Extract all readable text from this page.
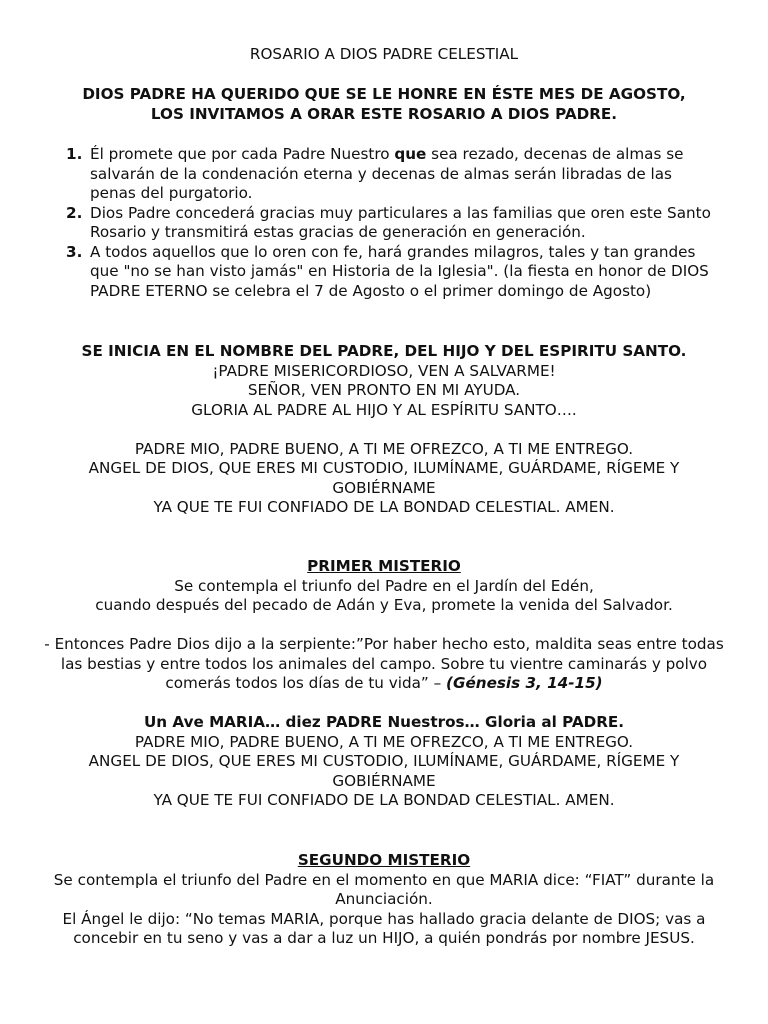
ROSARIO A DIOS PADRE CELESTIAL

DIOS PADRE HA QUERIDO QUE SE LE HONRE EN ÉSTE MES DE AGOSTO,

LOS INVITAMOS A ORAR ESTE ROSARIO A DIOS PADRE.

1. Él promete que por cada Padre Nuestro que sea rezado, decenas de almas se salvarán de la condenación eterna y decenas de almas serán libradas de las penas del purgatorio.
2. Dios Padre concederá gracias muy particulares a las familias que oren este Santo Rosario y transmitirá estas gracias de generación en generación.
3. A todos aquellos que lo oren con fe, hará grandes milagros, tales y tan grandes que "no se han visto jamás" en Historia de la Iglesia". (la fiesta en honor de DIOS PADRE ETERNO se celebra el 7 de Agosto o el primer domingo de Agosto)

SE INICIA EN EL NOMBRE DEL PADRE, DEL HIJO Y DEL ESPIRITU SANTO.

¡PADRE MISERICORDIOSO, VEN A SALVARME!

SEÑOR, VEN PRONTO EN MI AYUDA.

GLORIA AL PADRE AL HIJO Y AL ESPÍRITU SANTO….

PADRE MIO, PADRE BUENO, A TI ME OFREZCO, A TI ME ENTREGO.

ANGEL DE DIOS, QUE ERES MI CUSTODIO, ILUMÍNAME, GUÁRDAME, RÍGEME Y GOBIÉRNAME

YA QUE TE FUI CONFIADO DE LA BONDAD CELESTIAL. AMEN.

PRIMER MISTERIO

Se contempla el triunfo del Padre en el Jardín del Edén,

cuando después del pecado de Adán y Eva, promete la venida del Salvador.

- Entonces Padre Dios dijo a la serpiente:”Por haber hecho esto, maldita seas entre todas las bestias y entre todos los animales del campo. Sobre tu vientre caminarás y polvo comerás todos los días de tu vida” – (Génesis 3, 14-15)

Un Ave MARIA… diez PADRE Nuestros… Gloria al PADRE.

PADRE MIO, PADRE BUENO, A TI ME OFREZCO, A TI ME ENTREGO.

ANGEL DE DIOS, QUE ERES MI CUSTODIO, ILUMÍNAME, GUÁRDAME, RÍGEME Y GOBIÉRNAME

YA QUE TE FUI CONFIADO DE LA BONDAD CELESTIAL. AMEN.

SEGUNDO MISTERIO

Se contempla el triunfo del Padre en el momento en que MARIA dice: “FIAT” durante la Anunciación.

El Ángel le dijo: “No temas MARIA, porque has hallado gracia delante de DIOS; vas a concebir en tu seno y vas a dar a luz un HIJO, a quién pondrás por nombre JESUS.
